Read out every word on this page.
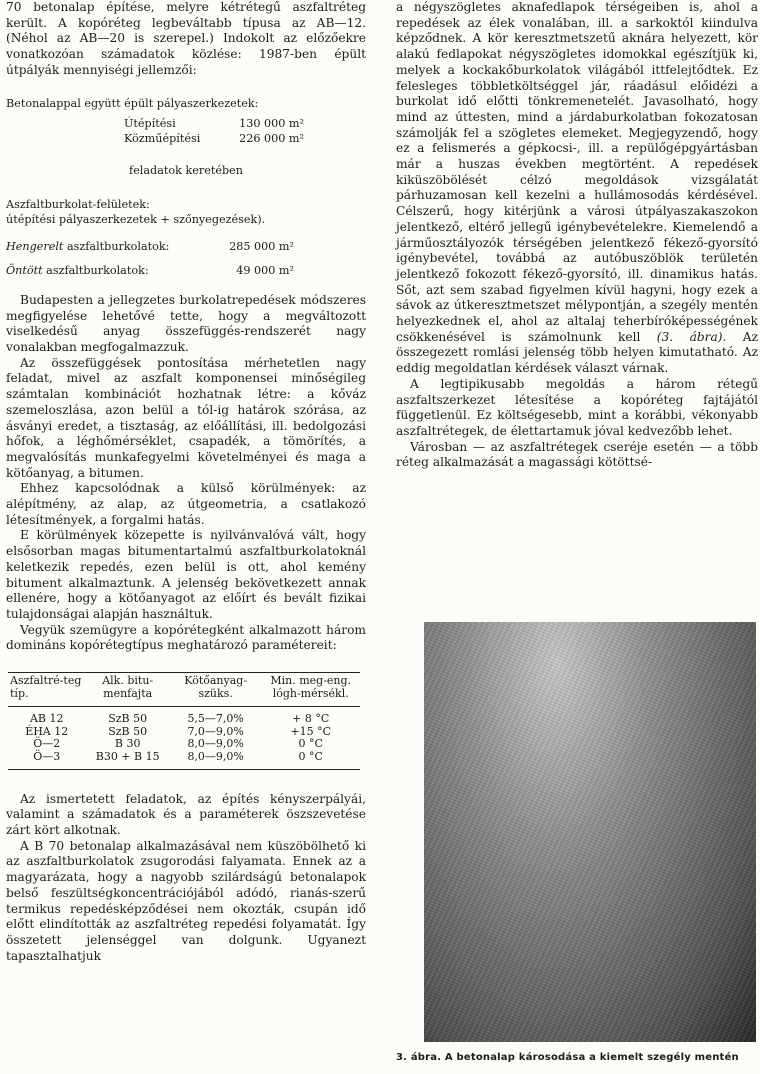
70 betonalap építése, melyre kétrétegű aszfaltréteg került. A kopóréteg legbeváltabb típusa az AB—12. (Néhol az AB—20 is szerepel.) Indokolt az előzőekre vonatkozóan számadatok közlése: 1987-ben épült útpályák mennyiségi jellemzői:

Betonalappal együtt épült pályaszerkezetek:
Útépítési	130 000 m²
Közműépítési	226 000 m²
feladatok keretében
Aszfaltburkolat-felületek:
útépítési pályaszerkezetek + szőnyegezések).
Hengerelt aszfaltburkolatok:	285 000 m²
Öntött aszfaltburkolatok:	49 000 m²

Budapesten a jellegzetes burkolatrepedések módszeres megfigyelése lehetővé tette, hogy a megváltozott viselkedésű anyag összefüggés-rendszerét nagy vonalakban megfogalmazzuk.

Az összefüggések pontosítása mérhetetlen nagy feladat, mivel az aszfalt komponensei minőségileg számtalan kombinációt hozhatnak létre: a kőváz szemeloszlása, azon belül a tól-ig határok szórása, az ásványi eredet, a tisztaság, az előállítási, ill. bedolgozási hőfok, a léghőmérséklet, csapadék, a tömörítés, a megvalósítás munkafegyelmi követelményei és maga a kötőanyag, a bitumen.

Ehhez kapcsolódnak a külső körülmények: az alépítmény, az alap, az útgeometria, a csatlakozó létesítmények, a forgalmi hatás.

E körülmények közepette is nyilvánvalóvá vált, hogy elsősorban magas bitumentartalmú aszfaltburkolatoknál keletkezik repedés, ezen belül is ott, ahol kemény bitument alkalmaztunk. A jelenség bekövetkezett annak ellenére, hogy a kötőanyagot az előírt és bevált fizikai tulajdonságai alapján használtuk.

Vegyük szemügyre a kopórétegként alkalmazott három domináns kopórétegtípus meghatározó paramétereit:

Aszfaltré-teg típ.	Alk. bitu-menfajta	Kötőanyag-szüks.	Min. meg-eng. lógh-mérsékl.
AB 12	SzB 50	5,5—7,0%	+ 8 °C
ÉHA 12	SzB 50	7,0—9,0%	+15 °C
Ö—2	B 30	8,0—9,0%	0 °C
Ö—3	B30 + B 15	8,0—9,0%	0 °C

Az ismertetett feladatok, az építés kényszerpályái, valamint a számadatok és a paraméterek öszszevetése zárt kört alkotnak.

A B 70 betonalap alkalmazásával nem küszöbölhető ki az aszfaltburkolatok zsugorodási falyamata. Ennek az a magyarázata, hogy a nagyobb szilárdságú betonalapok belső feszültségkoncentrációjából adódó, rianás-szerű termikus repedésképződései nem okozták, csupán idő előtt elindították az aszfaltréteg repedési folyamatát. Így összetett jelenséggel van dolgunk. Ugyanezt tapasztalhatjuk

a négyszögletes aknafedlapok térségeiben is, ahol a repedések az élek vonalában, ill. a sarkoktól kiindulva képződnek. A kör keresztmetszetű aknára helyezett, kör alakú fedlapokat négyszögletes idomokkal egészítjük ki, melyek a kockakőburkolatok világából ittfelejtődtek. Ez felesleges többletköltséggel jár, ráadásul előidézi a burkolat idő előtti tönkremenetelét. Javasolható, hogy mind az úttesten, mind a járdaburkolatban fokozatosan számolják fel a szögletes elemeket. Megjegyzendő, hogy ez a felismerés a gépkocsi-, ill. a repülőgépgyártásban már a huszas években megtörtént. A repedések kiküszöbölését célzó megoldások vizsgálatát párhuzamosan kell kezelni a hullámosodás kérdésével. Célszerű, hogy kitérjünk a városi útpályaszakaszokon jelentkező, eltérő jellegű igénybevételekre. Kiemelendő a járműosztályozók térségében jelentkező fékező-gyorsító igénybevétel, továbbá az autóbuszöblök területén jelentkező fokozott fékező-gyorsító, ill. dinamikus hatás. Sőt, azt sem szabad figyelmen kívül hagyni, hogy ezek a sávok az útkeresztmetszet mélypontján, a szegély mentén helyezkednek el, ahol az altalaj teherbíróképességének csökkenésével is számolnunk kell (3. ábra). Az összegezett romlási jelenség több helyen kimutatható. Az eddig megoldatlan kérdések választ várnak.

A legtipikusabb megoldás a három rétegű aszfaltszerkezet létesítése a kopóréteg fajtájától függetlenül. Ez költségesebb, mint a korábbi, vékonyabb aszfaltrétegek, de élettartamuk jóval kedvezőbb lehet.

Városban — az aszfaltrétegek cseréje esetén — a több réteg alkalmazását a magassági kötöttsé-

3. ábra. A betonalap károsodása a kiemelt szegély mentén
